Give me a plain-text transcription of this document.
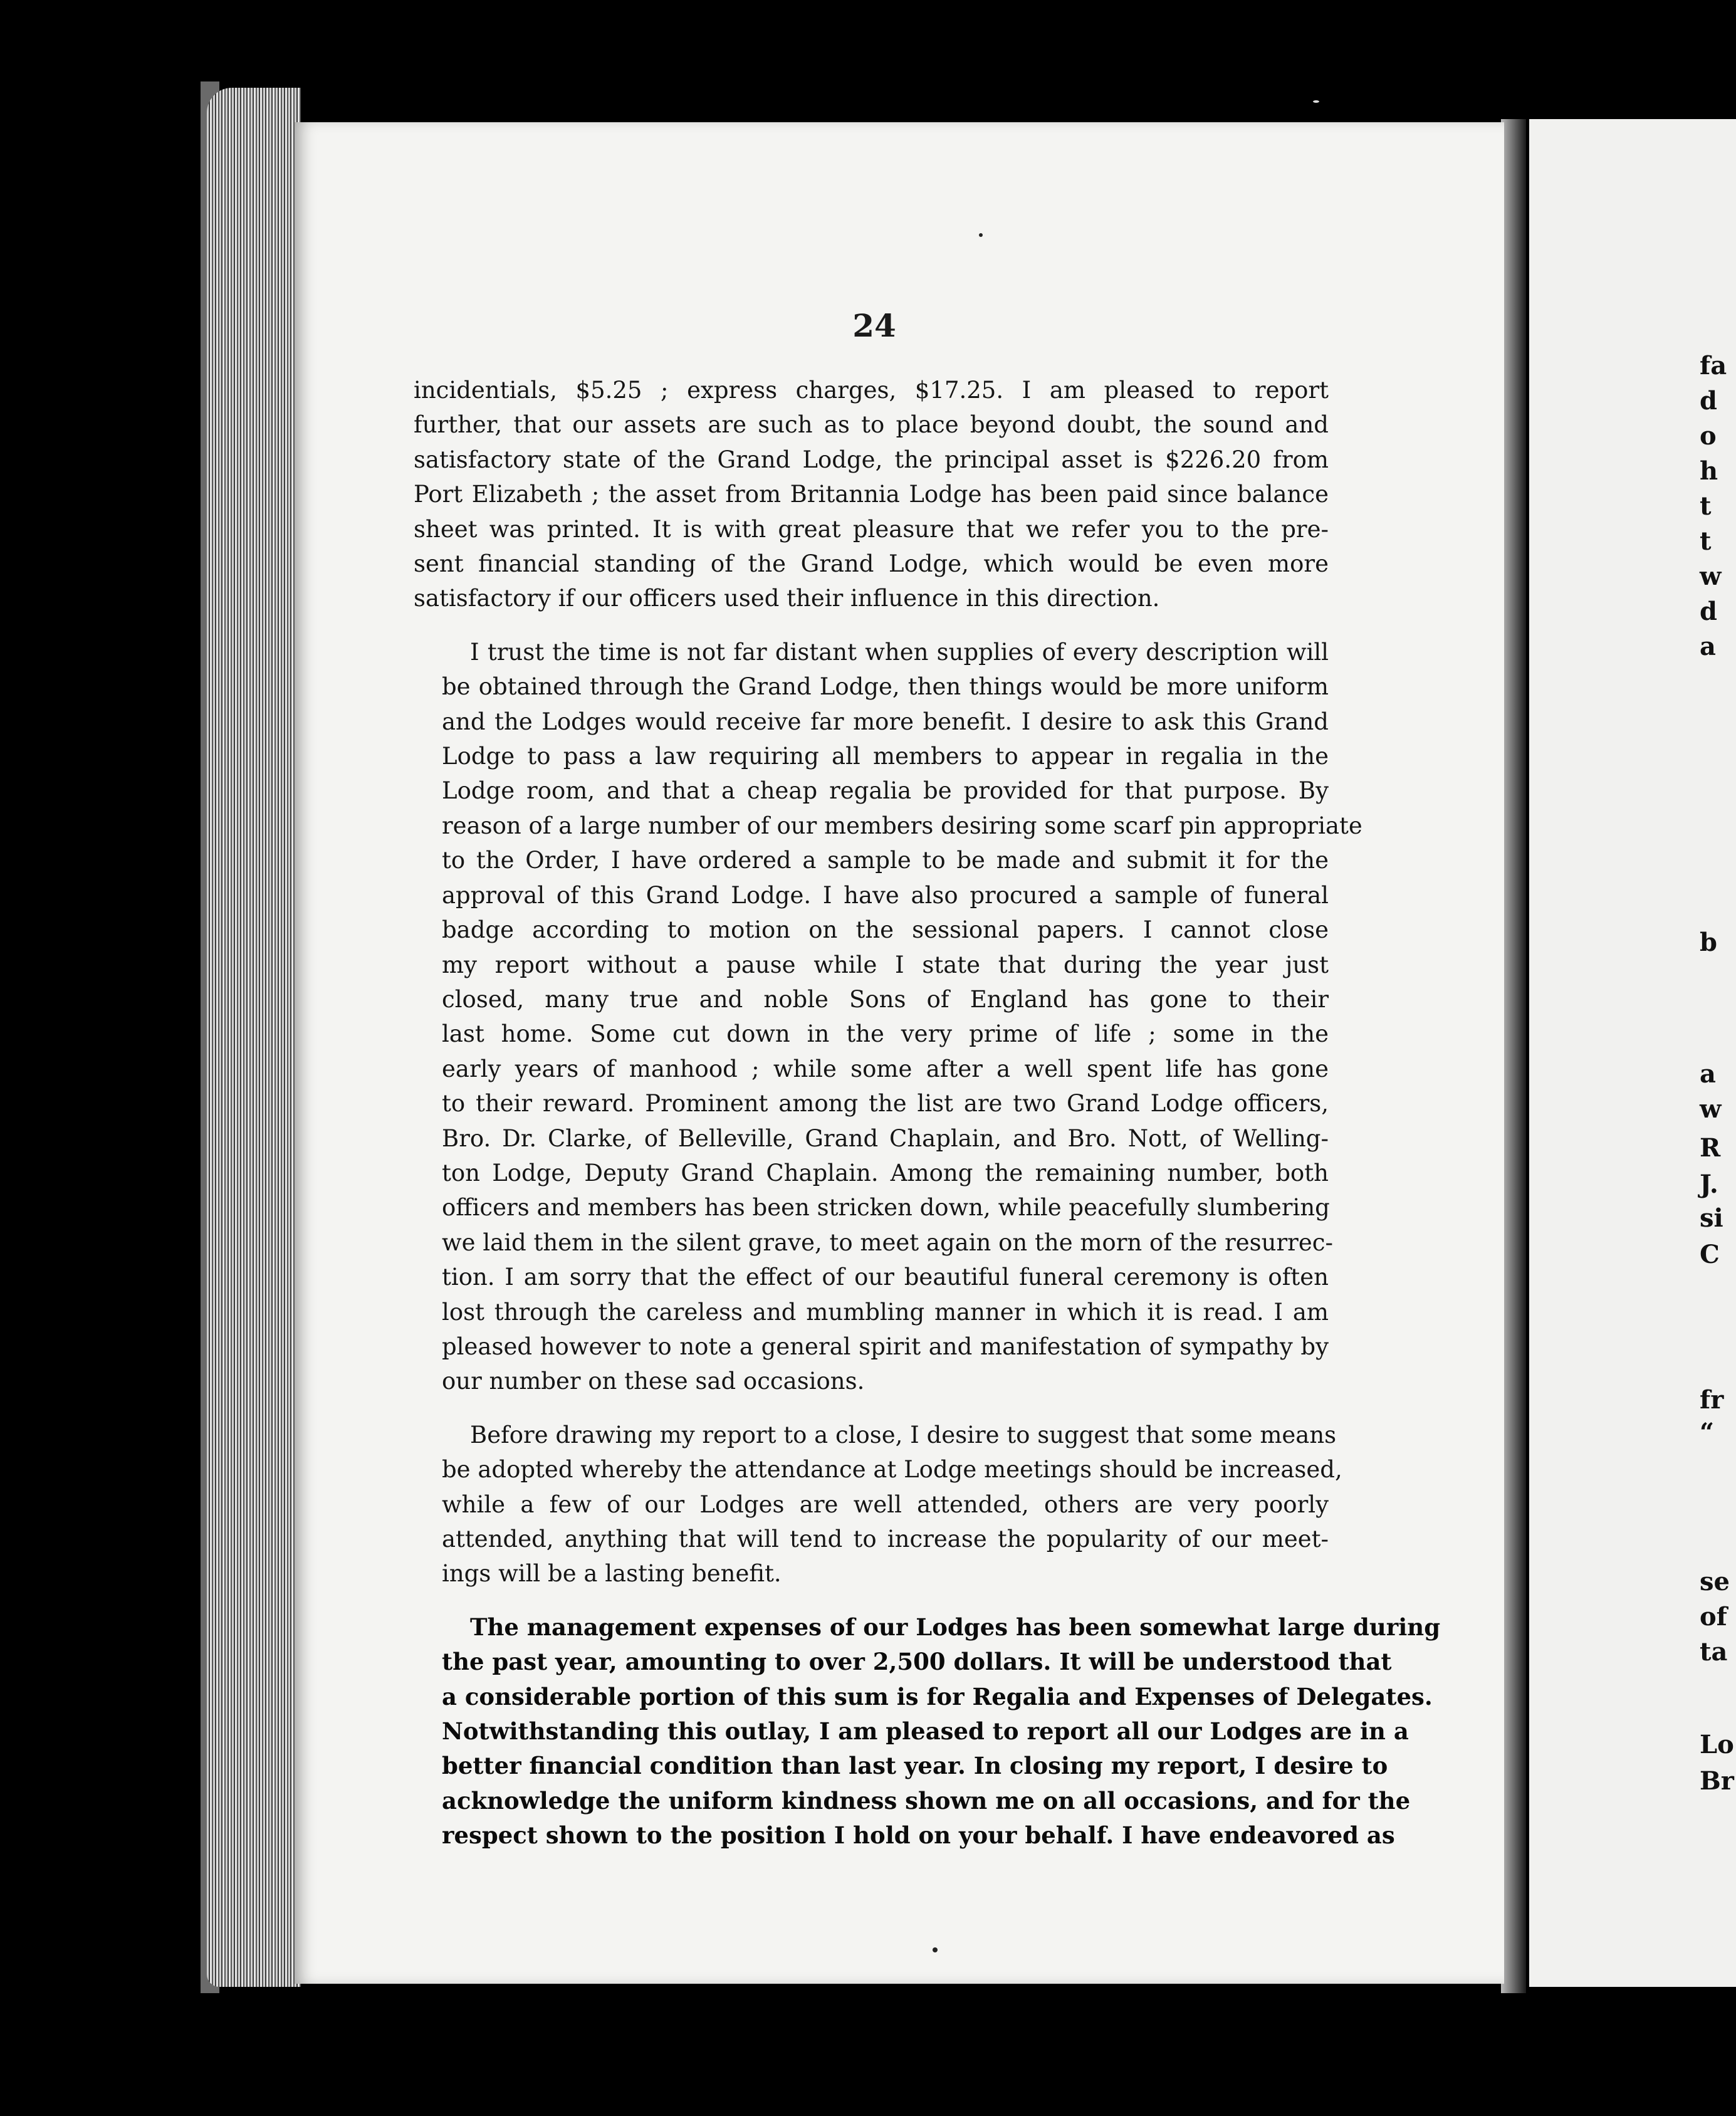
fa
d
o
h
t
t
w
d
a
b
a
w
R
J.
si
C
fr
“
se
of
ta
Lo
Br
24
incidentials, $5.25 ; express charges, $17.25. I am pleased to report
further, that our assets are such as to place beyond doubt, the sound and
satisfactory state of the Grand Lodge, the principal asset is $226.20 from
Port Elizabeth ; the asset from Britannia Lodge has been paid since balance
sheet was printed. It is with great pleasure that we refer you to the pre-
sent financial standing of the Grand Lodge, which would be even more
satisfactory if our officers used their influence in this direction.
I trust the time is not far distant when supplies of every description will
be obtained through the Grand Lodge, then things would be more uniform
and the Lodges would receive far more benefit. I desire to ask this Grand
Lodge to pass a law requiring all members to appear in regalia in the
Lodge room, and that a cheap regalia be provided for that purpose. By
reason of a large number of our members desiring some scarf pin appropriate
to the Order, I have ordered a sample to be made and submit it for the
approval of this Grand Lodge. I have also procured a sample of funeral
badge according to motion on the sessional papers. I cannot close
my report without a pause while I state that during the year just
closed, many true and noble Sons of England has gone to their
last home. Some cut down in the very prime of life ; some in the
early years of manhood ; while some after a well spent life has gone
to their reward. Prominent among the list are two Grand Lodge officers,
Bro. Dr. Clarke, of Belleville, Grand Chaplain, and Bro. Nott, of Welling-
ton Lodge, Deputy Grand Chaplain. Among the remaining number, both
officers and members has been stricken down, while peacefully slumbering
we laid them in the silent grave, to meet again on the morn of the resurrec-
tion. I am sorry that the effect of our beautiful funeral ceremony is often
lost through the careless and mumbling manner in which it is read. I am
pleased however to note a general spirit and manifestation of sympathy by
our number on these sad occasions.
Before drawing my report to a close, I desire to suggest that some means
be adopted whereby the attendance at Lodge meetings should be increased,
while a few of our Lodges are well attended, others are very poorly
attended, anything that will tend to increase the popularity of our meet-
ings will be a lasting benefit.
The management expenses of our Lodges has been somewhat large during
the past year, amounting to over 2,500 dollars. It will be understood that
a considerable portion of this sum is for Regalia and Expenses of Delegates.
Notwithstanding this outlay, I am pleased to report all our Lodges are in a
better financial condition than last year. In closing my report, I desire to
acknowledge the uniform kindness shown me on all occasions, and for the
respect shown to the position I hold on your behalf. I have endeavored as
